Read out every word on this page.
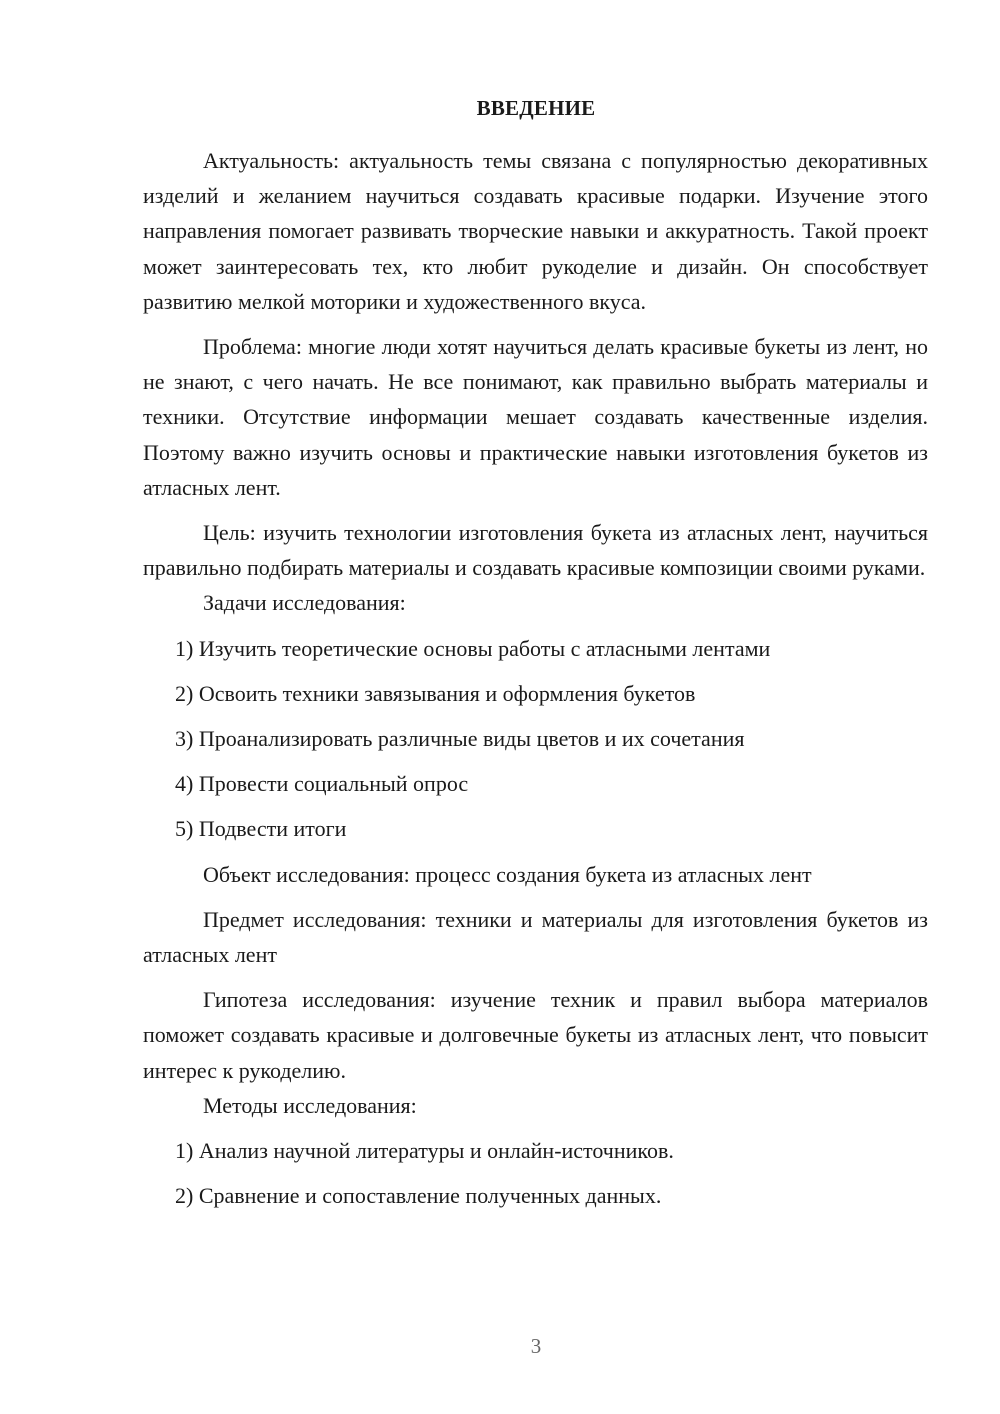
ВВЕДЕНИЕ

Актуальность: актуальность темы связана с популярностью декоративных изделий и желанием научиться создавать красивые подарки. Изучение этого направления помогает развивать творческие навыки и аккуратность. Такой проект может заинтересовать тех, кто любит рукоделие и дизайн. Он способствует развитию мелкой моторики и художественного вкуса.

Проблема: многие люди хотят научиться делать красивые букеты из лент, но не знают, с чего начать. Не все понимают, как правильно выбрать материалы и техники. Отсутствие информации мешает создавать качественные изделия. Поэтому важно изучить основы и практические навыки изготовления букетов из атласных лент.

Цель: изучить технологии изготовления букета из атласных лент, научиться правильно подбирать материалы и создавать красивые композиции своими руками.

Задачи исследования:

1) Изучить теоретические основы работы с атласными лентами

2) Освоить техники завязывания и оформления букетов

3) Проанализировать различные виды цветов и их сочетания

4) Провести социальный опрос

5) Подвести итоги

Объект исследования: процесс создания букета из атласных лент

Предмет исследования: техники и материалы для изготовления букетов из атласных лент

Гипотеза исследования: изучение техник и правил выбора материалов поможет создавать красивые и долговечные букеты из атласных лент, что повысит интерес к рукоделию.

Методы исследования:

1) Анализ научной литературы и онлайн-источников.

2) Сравнение и сопоставление полученных данных.

3
